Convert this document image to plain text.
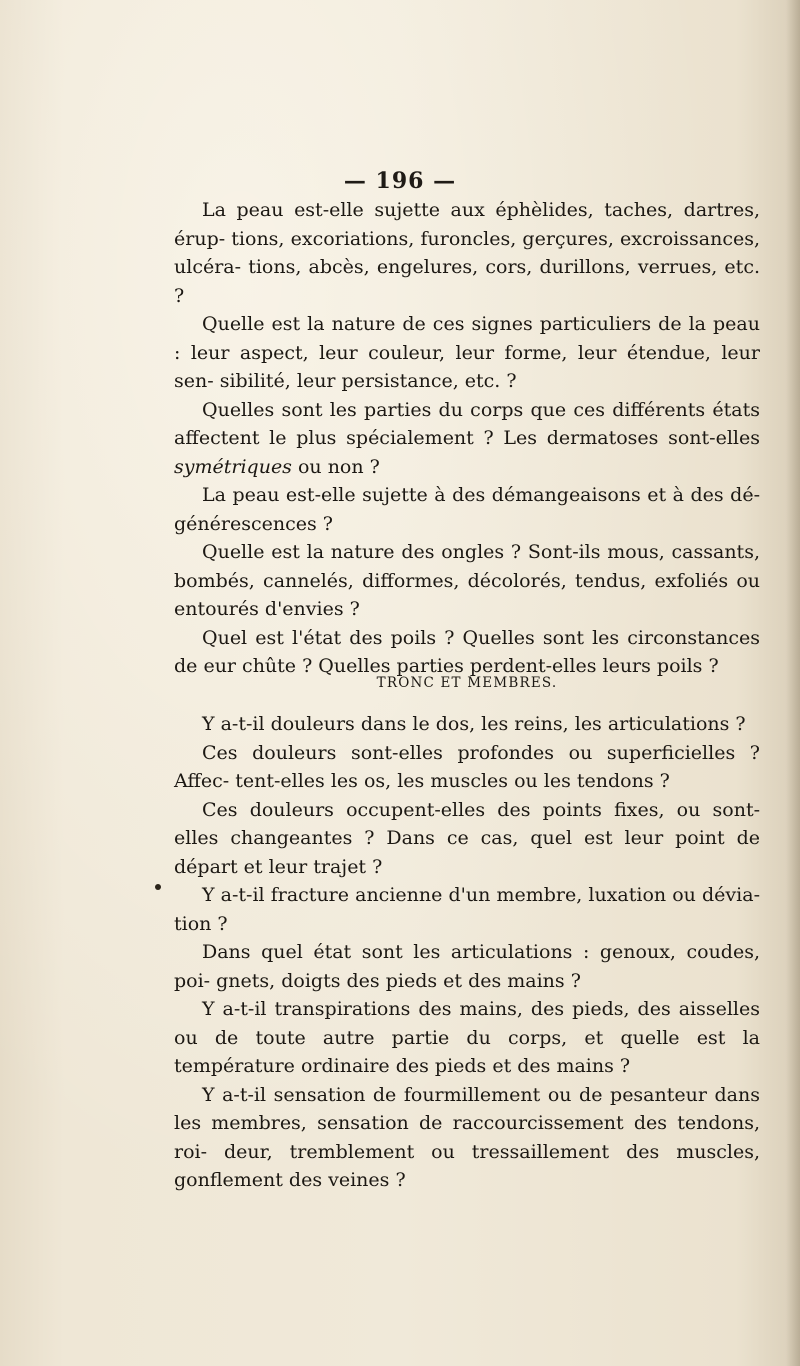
— 196 —

La peau est-elle sujette aux éphèlides, taches, dartres, érup- tions, excoriations, furoncles, gerçures, excroissances, ulcéra- tions, abcès, engelures, cors, durillons, verrues, etc. ?

Quelle est la nature de ces signes particuliers de la peau : leur aspect, leur couleur, leur forme, leur étendue, leur sen- sibilité, leur persistance, etc. ?

Quelles sont les parties du corps que ces différents états affectent le plus spécialement ? Les dermatoses sont-elles symétriques ou non ?

La peau est-elle sujette à des démangeaisons et à des dé- générescences ?

Quelle est la nature des ongles ? Sont-ils mous, cassants, bombés, cannelés, difformes, décolorés, tendus, exfoliés ou entourés d'envies ?

Quel est l'état des poils ? Quelles sont les circonstances de eur chûte ? Quelles parties perdent-elles leurs poils ?

TRONC ET MEMBRES.

Y a-t-il douleurs dans le dos, les reins, les articulations ?

Ces douleurs sont-elles profondes ou superficielles ? Affec- tent-elles les os, les muscles ou les tendons ?

Ces douleurs occupent-elles des points fixes, ou sont-elles changeantes ? Dans ce cas, quel est leur point de départ et leur trajet ?

Y a-t-il fracture ancienne d'un membre, luxation ou dévia- tion ?

Dans quel état sont les articulations : genoux, coudes, poi- gnets, doigts des pieds et des mains ?

Y a-t-il transpirations des mains, des pieds, des aisselles ou de toute autre partie du corps, et quelle est la température ordinaire des pieds et des mains ?

Y a-t-il sensation de fourmillement ou de pesanteur dans les membres, sensation de raccourcissement des tendons, roi- deur, tremblement ou tressaillement des muscles, gonflement des veines ?
